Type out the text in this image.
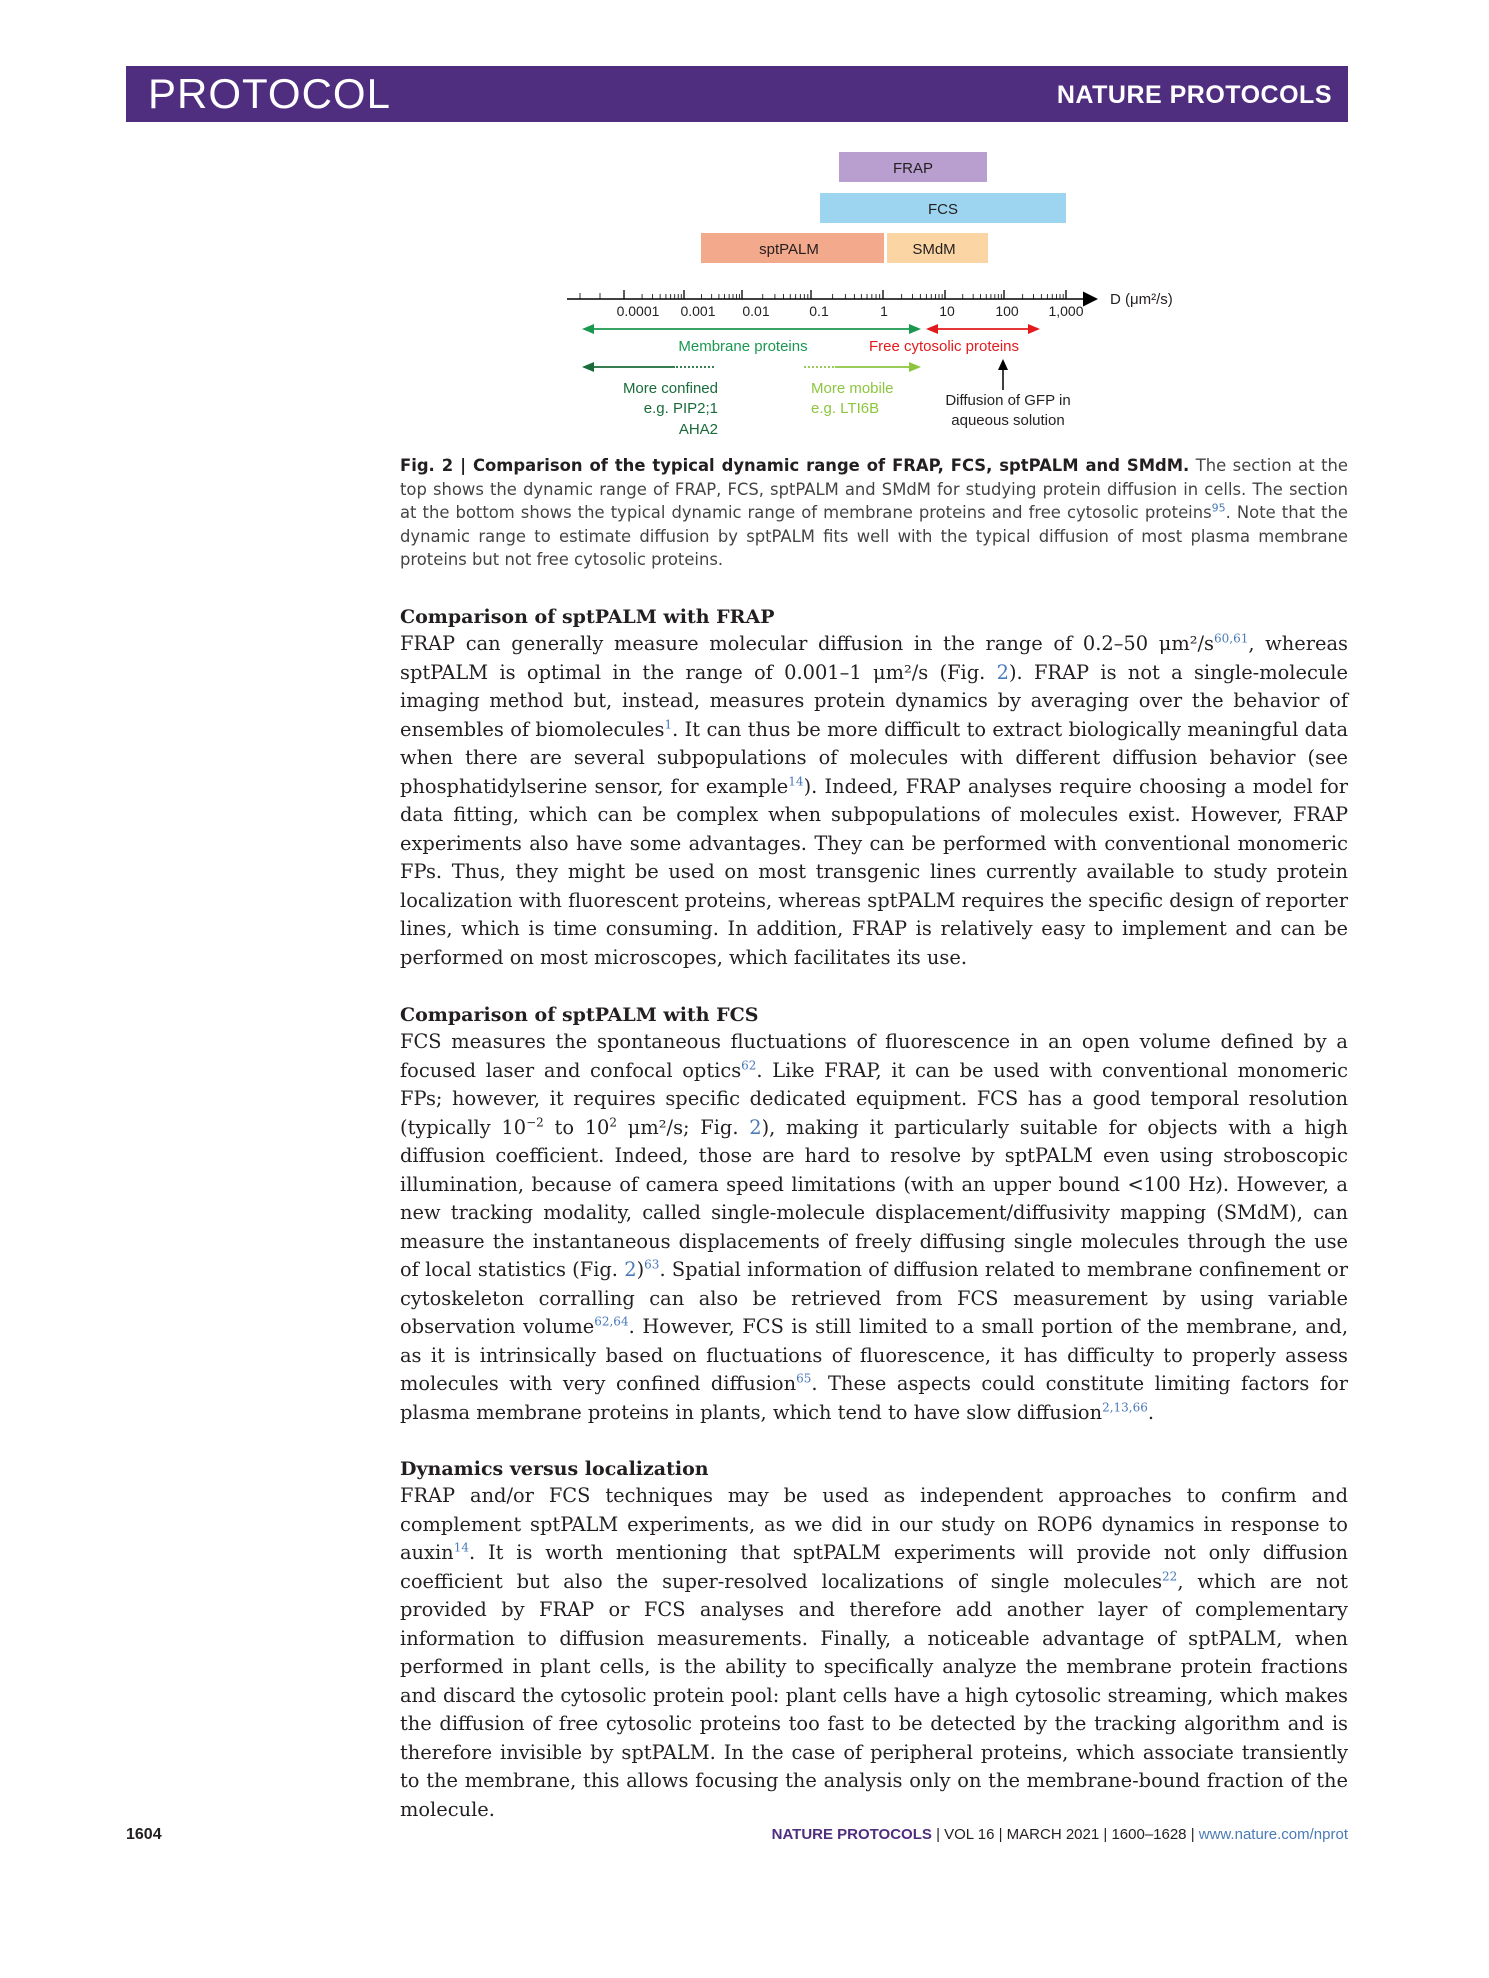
PROTOCOL	NATURE PROTOCOLS
FRAP
FCS
sptPALM	SMdM
D (μm²/s)
0.0001 0.001 0.01	0.1	1	10	100 1,000
Membrane proteins	Free cytosolic proteins
More confined
e.g. PIP2;1
AHA2
More mobile
e.g. LTI6B	Diffusion of GFP in
aqueous solution
Fig. 2 | Comparison of the typical dynamic range of FRAP, FCS, sptPALM and SMdM. The section at the top shows the dynamic range of FRAP, FCS, sptPALM and SMdM for studying protein diffusion in cells. The section at the bottom shows the typical dynamic range of membrane proteins and free cytosolic proteins$^{95}$. Note that the dynamic range to estimate diffusion by sptPALM fits well with the typical diffusion of most plasma membrane proteins but not free cytosolic proteins.
Comparison of sptPALM with FRAP

FRAP can generally measure molecular diffusion in the range of 0.2–50 μm²/s$^{60,61}$, whereas sptPALM is optimal in the range of 0.001–1 μm²/s (Fig. 2). FRAP is not a single-molecule imaging method but, instead, measures protein dynamics by averaging over the behavior of ensembles of biomolecules$^1$. It can thus be more difficult to extract biologically meaningful data when there are several subpopulations of molecules with different diffusion behavior (see phosphatidylserine sensor, for example$^{14}$). Indeed, FRAP analyses require choosing a model for data fitting, which can be complex when subpopulations of molecules exist. However, FRAP experiments also have some advantages. They can be performed with conventional monomeric FPs. Thus, they might be used on most transgenic lines currently available to study protein localization with fluorescent proteins, whereas sptPALM requires the specific design of reporter lines, which is time consuming. In addition, FRAP is relatively easy to implement and can be performed on most microscopes, which facilitates its use.

Comparison of sptPALM with FCS

FCS measures the spontaneous fluctuations of fluorescence in an open volume defined by a focused laser and confocal optics$^{62}$. Like FRAP, it can be used with conventional monomeric FPs; however, it requires specific dedicated equipment. FCS has a good temporal resolution (typically 10$^{-2}$ to 10$^2$ μm²/s; Fig. 2), making it particularly suitable for objects with a high diffusion coefficient. Indeed, those are hard to resolve by sptPALM even using stroboscopic illumination, because of camera speed limitations (with an upper bound <100 Hz). However, a new tracking modality, called single-molecule displacement/diffusivity mapping (SMdM), can measure the instantaneous displacements of freely diffusing single molecules through the use of local statistics (Fig. 2)$^{63}$. Spatial information of diffusion related to membrane confinement or cytoskeleton corralling can also be retrieved from FCS measurement by using variable observation volume$^{62,64}$. However, FCS is still limited to a small portion of the membrane, and, as it is intrinsically based on fluctuations of fluorescence, it has difficulty to properly assess molecules with very confined diffusion$^{65}$. These aspects could constitute limiting factors for plasma membrane proteins in plants, which tend to have slow diffusion$^{2,13,66}$.

Dynamics versus localization

FRAP and/or FCS techniques may be used as independent approaches to confirm and complement sptPALM experiments, as we did in our study on ROP6 dynamics in response to auxin$^{14}$. It is worth mentioning that sptPALM experiments will provide not only diffusion coefficient but also the super-resolved localizations of single molecules$^{22}$, which are not provided by FRAP or FCS analyses and therefore add another layer of complementary information to diffusion measurements. Finally, a noticeable advantage of sptPALM, when performed in plant cells, is the ability to specifically analyze the membrane protein fractions and discard the cytosolic protein pool: plant cells have a high cytosolic streaming, which makes the diffusion of free cytosolic proteins too fast to be detected by the tracking algorithm and is therefore invisible by sptPALM. In the case of peripheral proteins, which associate transiently to the membrane, this allows focusing the analysis only on the membrane-bound fraction of the molecule.

1604	NATURE PROTOCOLS | VOL 16 | MARCH 2021 | 1600–1628 | www.nature.com/nprot
